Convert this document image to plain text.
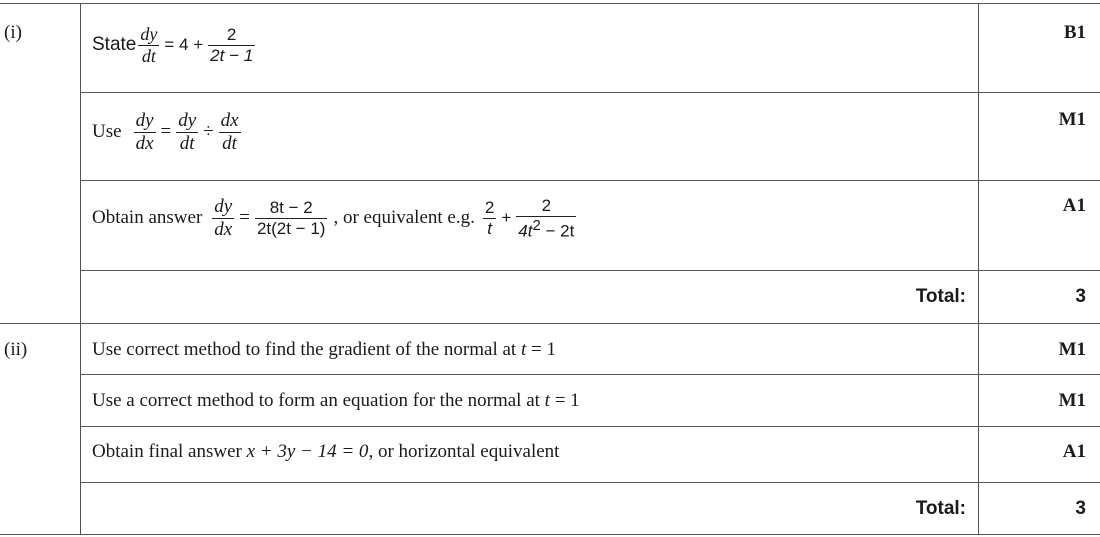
(i)
State $\frac{dy}{dt} = 4 + \frac{2}{2t - 1}$	B1
Use $\frac{dy}{dx} = \frac{dy}{dt} \div \frac{dx}{dt}$	M1
Obtain answer $\frac{dy}{dx} = \frac{8t - 2}{2t(2t - 1)}$ , or equivalent e.g. $\frac{2}{t} + \frac{2}{4t^2 - 2t}$	A1
Total:	3
(ii)	Use correct method to find the gradient of the normal at t = 1	M1
Use a correct method to form an equation for the normal at t = 1	M1
Obtain final answer x + 3y − 14 = 0, or horizontal equivalent	A1
Total:	3
